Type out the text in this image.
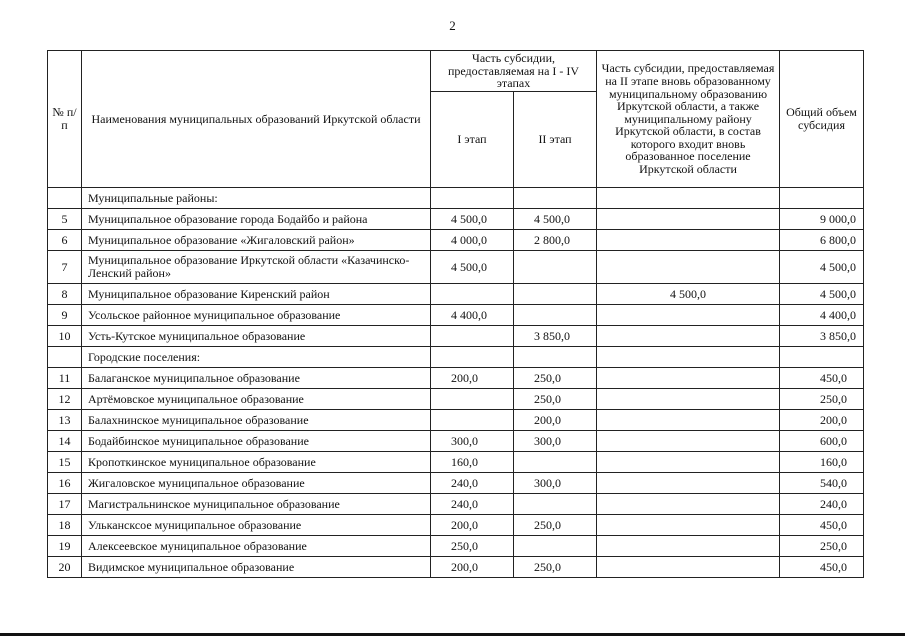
2
№ п/п	Наименования муниципальных образований Иркутской области	Часть субсидии, предоставляемая на I - IV этапах		Часть субсидии, предоставляемая на II этапе вновь образованному муниципальному образованию Иркутской области, а также муниципальному району Иркутской области, в состав которого входит вновь образованное поселение Иркутской области	Общий объем субсидия
		I этап	II этап		
	Муниципальные районы:				
5	Муниципальное образование города Бодайбо и района	4 500,0	4 500,0		9 000,0
6	Муниципальное образование «Жигаловский район»	4 000,0	2 800,0		6 800,0
7	Муниципальное образование Иркутской области «Казачинско-Ленский район»	4 500,0			4 500,0
8	Муниципальное образование Киренский район			4 500,0	4 500,0
9	Усольское районное муниципальное образование	4 400,0			4 400,0
10	Усть-Кутское муниципальное образование		3 850,0		3 850,0
	Городские поселения:				
11	Балаганское муниципальное образование	200,0	250,0		450,0
12	Артёмовское муниципальное образование		250,0		250,0
13	Балахнинское муниципальное образование		200,0		200,0
14	Бодайбинское муниципальное образование	300,0	300,0		600,0
15	Кропоткинское муниципальное образование	160,0			160,0
16	Жигаловское муниципальное образование	240,0	300,0		540,0
17	Магистральнинское муниципальное образование	240,0			240,0
18	Улькансксое муниципальное образование	200,0	250,0		450,0
19	Алексеевское муниципальное образование	250,0			250,0
20	Видимское муниципальное образование	200,0	250,0		450,0
